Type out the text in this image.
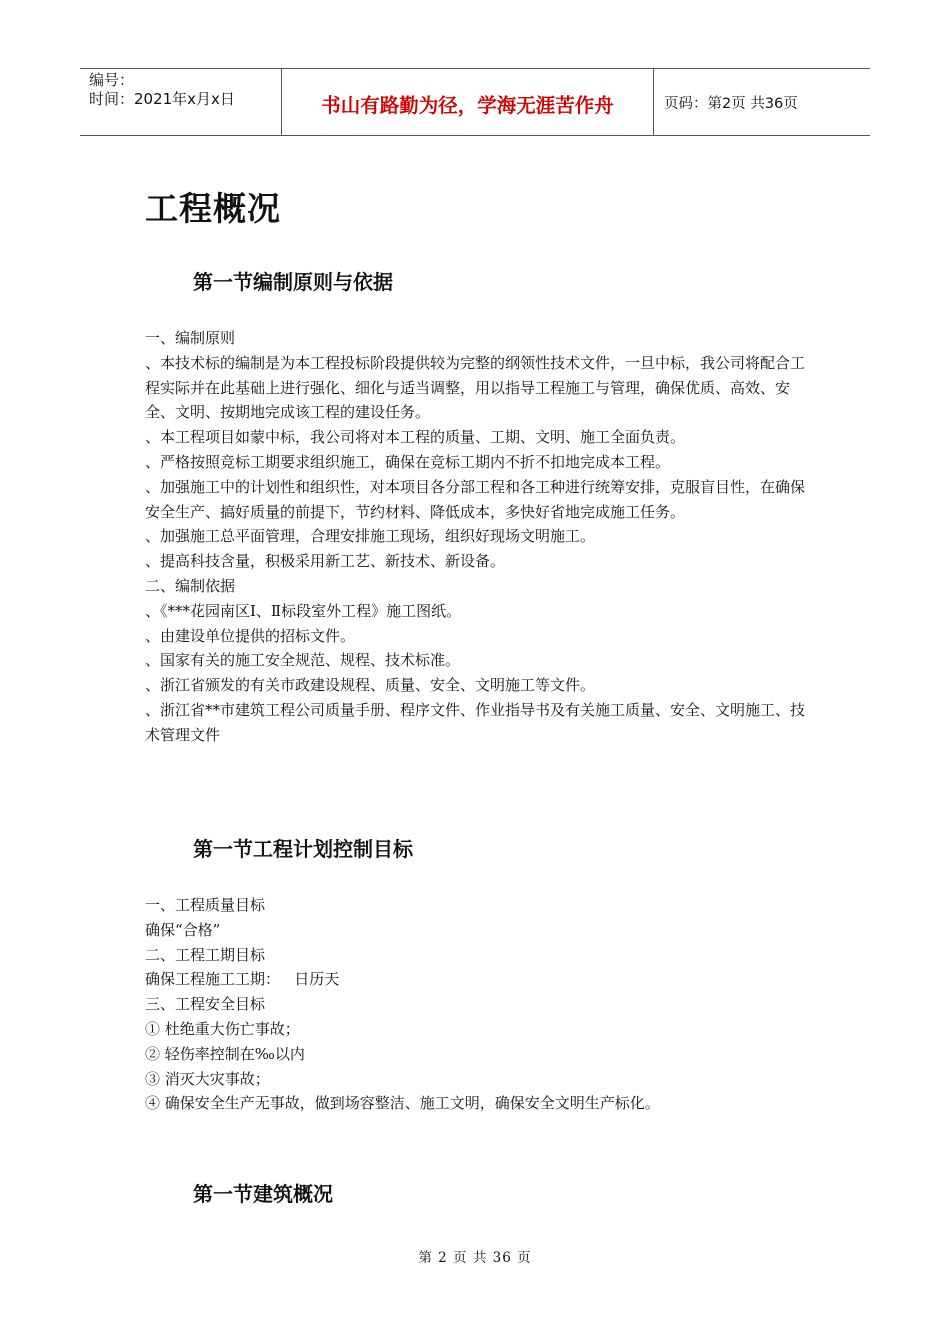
编号：
时间：2021年x月x日	书山有路勤为径，学海无涯苦作舟	页码：第2页 共36页
工程概况
第一节编制原则与依据

一、编制原则

、本技术标的编制是为本工程投标阶段提供较为完整的纲领性技术文件，一旦中标，我公司将配合工程实际并在此基础上进行强化、细化与适当调整，用以指导工程施工与管理，确保优质、高效、安全、文明、按期地完成该工程的建设任务。

、本工程项目如蒙中标，我公司将对本工程的质量、工期、文明、施工全面负责。

、严格按照竞标工期要求组织施工，确保在竞标工期内不折不扣地完成本工程。

、加强施工中的计划性和组织性，对本项目各分部工程和各工种进行统筹安排，克服盲目性，在确保安全生产、搞好质量的前提下，节约材料、降低成本，多快好省地完成施工任务。

、加强施工总平面管理，合理安排施工现场，组织好现场文明施工。

、提高科技含量，积极采用新工艺、新技术、新设备。

二、编制依据

、《***花园南区Ⅰ、Ⅱ标段室外工程》施工图纸。

、由建设单位提供的招标文件。

、国家有关的施工安全规范、规程、技术标准。

、浙江省颁发的有关市政建设规程、质量、安全、文明施工等文件。

、浙江省**市建筑工程公司质量手册、程序文件、作业指导书及有关施工质量、安全、文明施工、技术管理文件

第一节工程计划控制目标

一、工程质量目标

确保“合格”

二、工程工期目标

确保工程施工工期：   日历天

三、工程安全目标

① 杜绝重大伤亡事故；

② 轻伤率控制在‰以内

③ 消灭大灾事故；

④ 确保安全生产无事故，做到场容整洁、施工文明，确保安全文明生产标化。

第一节建筑概况
第 2 页 共 36 页
